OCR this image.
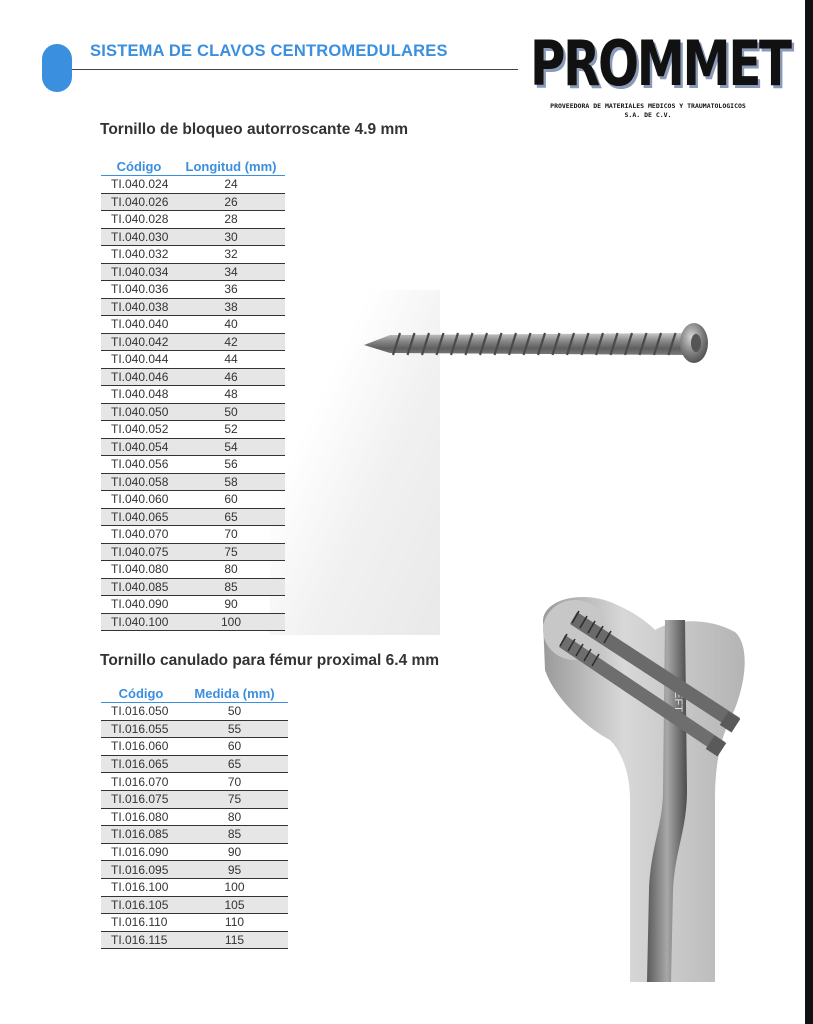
SISTEMA DE CLAVOS CENTROMEDULARES PROMMET
PROVEEDORA DE MATERIALES MEDICOS Y TRAUMATOLOGICOS
S.A. DE C.V.
Tornillo de bloqueo autorroscante 4.9 mm
Código	Longitud (mm)
TI.040.024	24
TI.040.026	26
TI.040.028	28
TI.040.030	30
TI.040.032	32
TI.040.034	34
TI.040.036	36
TI.040.038	38
TI.040.040	40
TI.040.042	42
TI.040.044	44
TI.040.046	46
TI.040.048	48
TI.040.050	50
TI.040.052	52
TI.040.054	54
TI.040.056	56
TI.040.058	58
TI.040.060	60
TI.040.065	65
TI.040.070	70
TI.040.075	75
TI.040.080	80
TI.040.085	85
TI.040.090	90
TI.040.100	100
LEFT
Tornillo canulado para fémur proximal 6.4 mm
Código	Medida (mm)
TI.016.050	50
TI.016.055	55
TI.016.060	60
TI.016.065	65
TI.016.070	70
TI.016.075	75
TI.016.080	80
TI.016.085	85
TI.016.090	90
TI.016.095	95
TI.016.100	100
TI.016.105	105
TI.016.110	110
TI.016.115	115
